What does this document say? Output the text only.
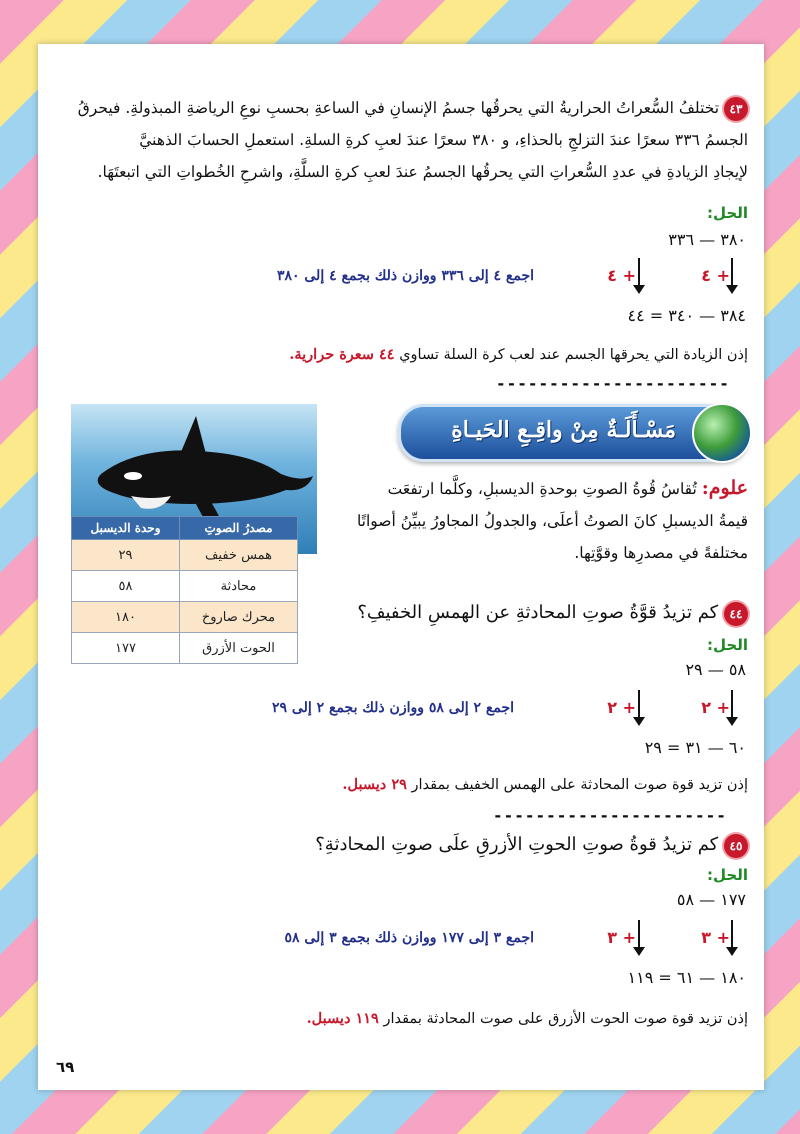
٤٣ تختلفُ السُّعراتُ الحراريةُ التي يحرقُها جسمُ الإنسانِ في الساعةِ بحسبِ نوعِ الرياضةِ المبذولةِ. فيحرقُ
الجسمُ ٣٣٦ سعرًا عندَ التزلجِ بالحذاءِ، و ٣٨٠ سعرًا عندَ لعبِ كرةِ السلةِ. استعملِ الحسابَ الذهنيَّ
لإيجادِ الزيادةِ في عددِ السُّعراتِ التي يحرقُها الجسمُ عندَ لعبِ كرةِ السلَّةِ، واشرحِ الخُطواتِ التي اتبعتَهَا.
الحل:
٣٨٠ — ٣٣٦
+ ٤
+ ٤
اجمع ٤ إلى ٣٣٦ ووازن ذلك بجمع ٤ إلى ٣٨٠
٣٨٤ — ٣٤٠ = ٤٤
إذن الزيادة التي يحرقها الجسم عند لعب كرة السلة تساوي ٤٤ سعرة حرارية.
----------------------
مَسْـأَلَـةٌ مِنْ واقِـعِ الحَيـاةِ
علوم: تُقاسُ قُوةُ الصوتِ بوحدةِ الديسبلِ، وكلَّما ارتفعَت
قيمةُ الديسبلِ كانَ الصوتُ أعلَى، والجدولُ المجاورُ يبيِّنُ أصواتًا
مختلفةً في مصدرِها وقوَّتِها.
مصدرُ الصوتِ	وحدة الديسبل
همس خفيف	٢٩
محادثة	٥٨
محرك صاروخ	١٨٠
الحوت الأزرق	١٧٧
٤٤ كم تزيدُ قوَّةُ صوتِ المحادثةِ عن الهمسِ الخفيفِ؟
الحل:
٥٨ — ٢٩
+ ٢
+ ٢
اجمع ٢ إلى ٥٨ ووازن ذلك بجمع ٢ إلى ٢٩
٦٠ — ٣١ = ٢٩
إذن تزيد قوة صوت المحادثة على الهمس الخفيف بمقدار ٢٩ ديسبل.
----------------------
٤٥ كم تزيدُ قوةُ صوتِ الحوتِ الأزرقِ علَى صوتِ المحادثةِ؟
الحل:
١٧٧ — ٥٨
+ ٣
+ ٣
اجمع ٣ إلى ١٧٧ ووازن ذلك بجمع ٣ إلى ٥٨
١٨٠ — ٦١ = ١١٩
إذن تزيد قوة صوت الحوت الأزرق على صوت المحادثة بمقدار ١١٩ ديسبل.
٦٩
